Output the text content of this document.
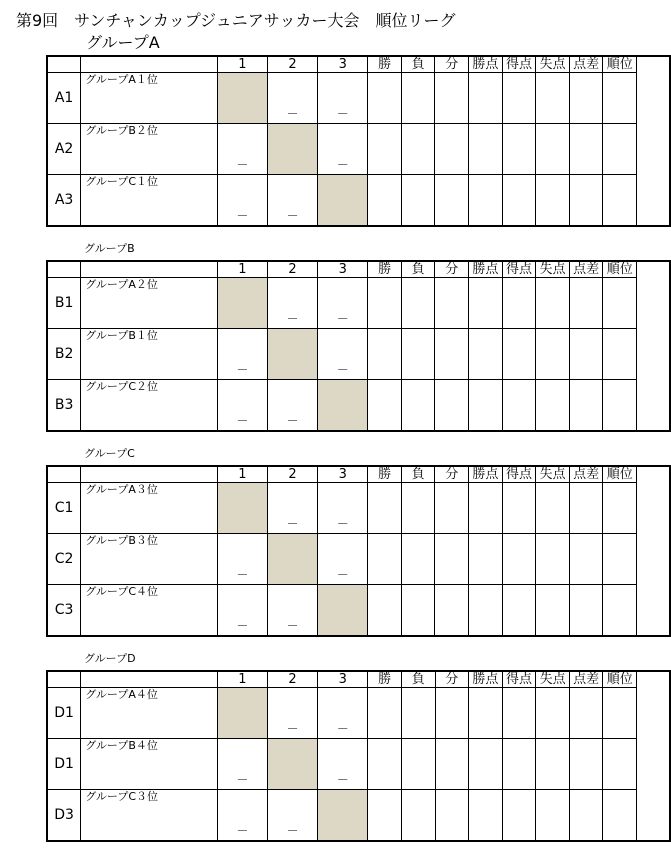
第9回　サンチャンカップジュニアサッカー大会　順位リーグ
グループA
		1	2	3	勝	負	分	勝点	得点	失点	点差	順位
A1	グループA１位		－	－								

A2	グループB２位	－		－								

A3	グループC１位	－	－									

グループB
		1	2	3	勝	負	分	勝点	得点	失点	点差	順位
B1	グループA２位		－	－								

B2	グループB１位	－		－								

B3	グループC２位	－	－									

グループC
		1	2	3	勝	負	分	勝点	得点	失点	点差	順位
C1	グループA３位		－	－								

C2	グループB３位	－		－								

C3	グループC４位	－	－									

グループD
		1	2	3	勝	負	分	勝点	得点	失点	点差	順位
D1	グループA４位		－	－								

D1	グループB４位	－		－								

D3	グループC３位	－	－									
